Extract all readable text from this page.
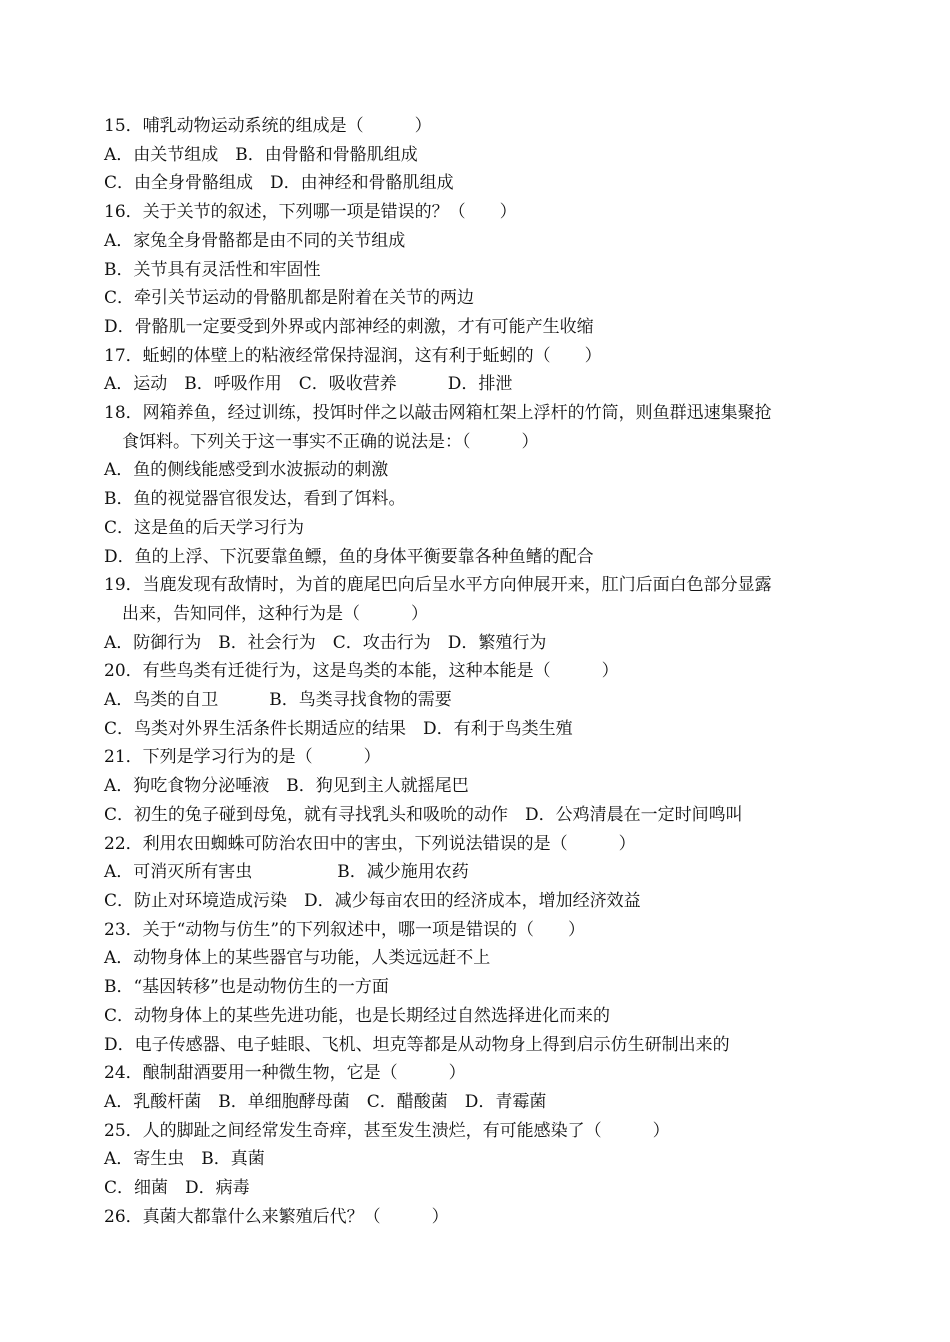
15．哺乳动物运动系统的组成是（　　　）

A．由关节组成　B．由骨骼和骨骼肌组成

C．由全身骨骼组成　D．由神经和骨骼肌组成

16．关于关节的叙述，下列哪一项是错误的？（　　）

A．家兔全身骨骼都是由不同的关节组成

B．关节具有灵活性和牢固性

C．牵引关节运动的骨骼肌都是附着在关节的两边

D．骨骼肌一定要受到外界或内部神经的刺激，才有可能产生收缩

17．蚯蚓的体壁上的粘液经常保持湿润，这有利于蚯蚓的（　　）

A．运动　B．呼吸作用　C．吸收营养　　　D．排泄

18．网箱养鱼，经过训练，投饵时伴之以敲击网箱杠架上浮杆的竹筒，则鱼群迅速集聚抢

食饵料。下列关于这一事实不正确的说法是：（　　　）

A．鱼的侧线能感受到水波振动的刺激

B．鱼的视觉器官很发达，看到了饵料。

C．这是鱼的后天学习行为

D．鱼的上浮、下沉要靠鱼鳔，鱼的身体平衡要靠各种鱼鳍的配合

19．当鹿发现有敌情时，为首的鹿尾巴向后呈水平方向伸展开来，肛门后面白色部分显露

出来，告知同伴，这种行为是（　　　）

A．防御行为　B．社会行为　C．攻击行为　D．繁殖行为

20．有些鸟类有迁徙行为，这是鸟类的本能，这种本能是（　　　）

A．鸟类的自卫　　　B．鸟类寻找食物的需要

C．鸟类对外界生活条件长期适应的结果　D．有利于鸟类生殖

21．下列是学习行为的是（　　　）

A．狗吃食物分泌唾液　B．狗见到主人就摇尾巴

C．初生的兔子碰到母兔，就有寻找乳头和吸吮的动作　D．公鸡清晨在一定时间鸣叫

22．利用农田蜘蛛可防治农田中的害虫，下列说法错误的是（　　　）

A．可消灭所有害虫　　　　　B．减少施用农药

C．防止对环境造成污染　D．减少每亩农田的经济成本，增加经济效益

23．关于“动物与仿生”的下列叙述中，哪一项是错误的（　　）

A．动物身体上的某些器官与功能，人类远远赶不上

B．“基因转移”也是动物仿生的一方面

C．动物身体上的某些先进功能，也是长期经过自然选择进化而来的

D．电子传感器、电子蛙眼、飞机、坦克等都是从动物身上得到启示仿生研制出来的

24．酿制甜酒要用一种微生物，它是（　　　）

A．乳酸杆菌　B．单细胞酵母菌　C．醋酸菌　D．青霉菌

25．人的脚趾之间经常发生奇痒，甚至发生溃烂，有可能感染了（　　　）

A．寄生虫　B．真菌

C．细菌　D．病毒

26．真菌大都靠什么来繁殖后代？（　　　）
